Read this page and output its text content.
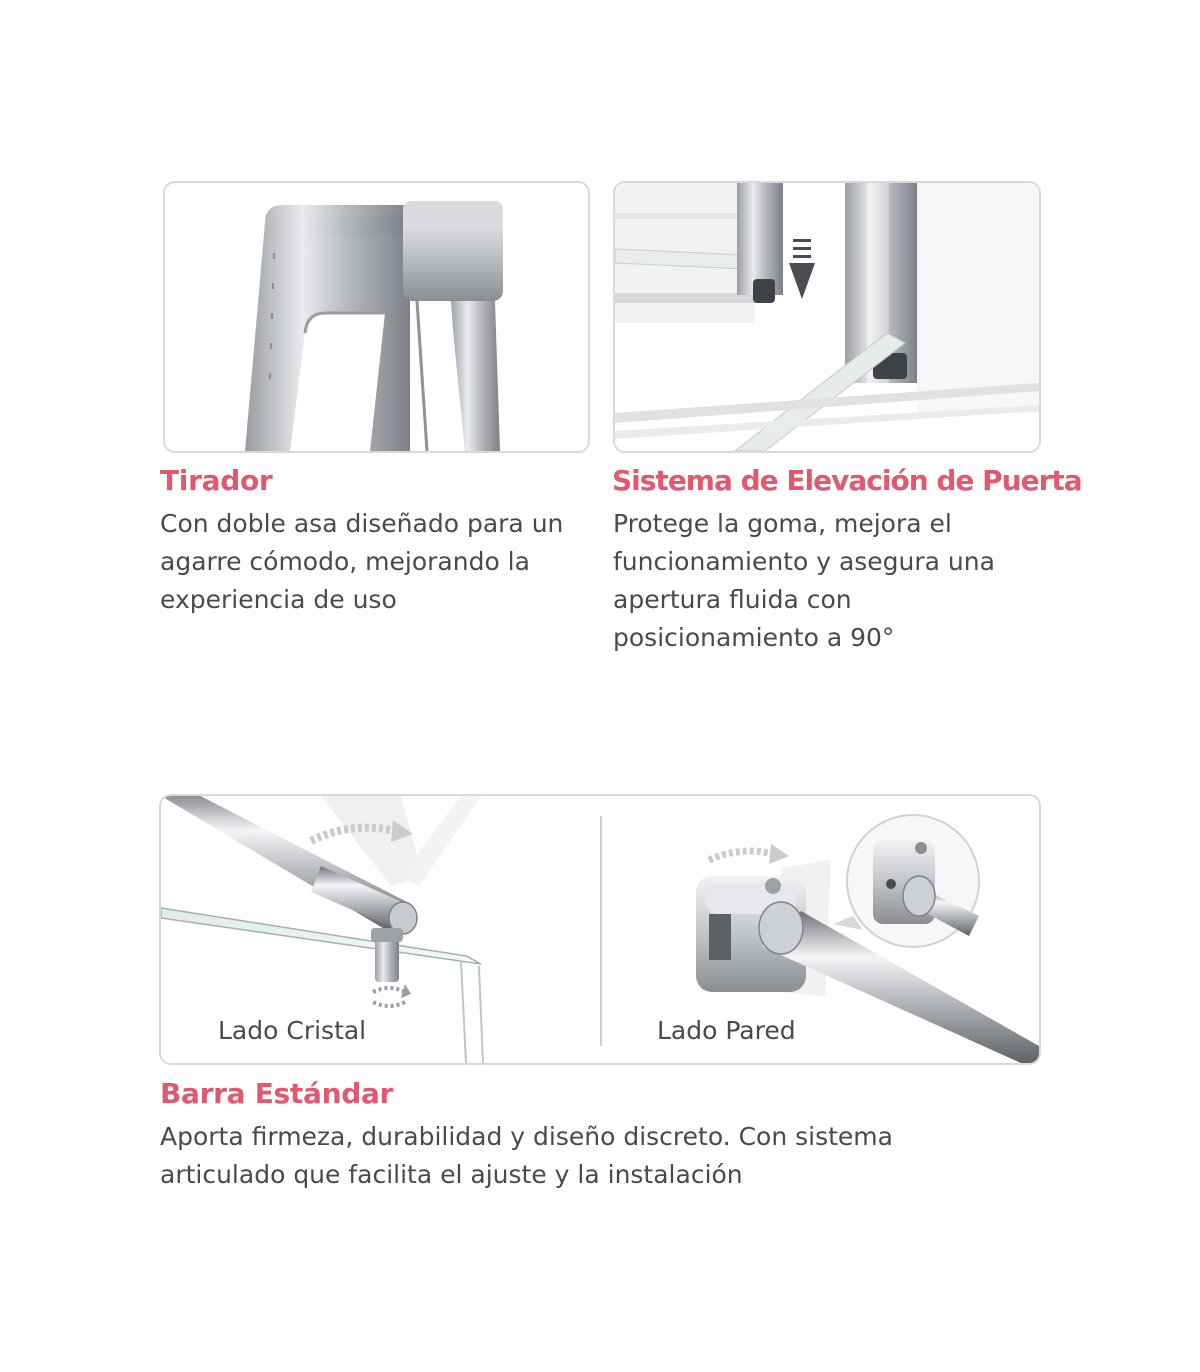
Tirador

Con doble asa diseñado para un
agarre cómodo, mejorando la
experiencia de uso

Sistema de Elevación de Puerta

Protege la goma, mejora el
funcionamiento y asegura una
apertura fluida con
posicionamiento a 90°

Lado Cristal	Lado Pared
Barra Estándar

Aporta firmeza, durabilidad y diseño discreto. Con sistema
articulado que facilita el ajuste y la instalación
